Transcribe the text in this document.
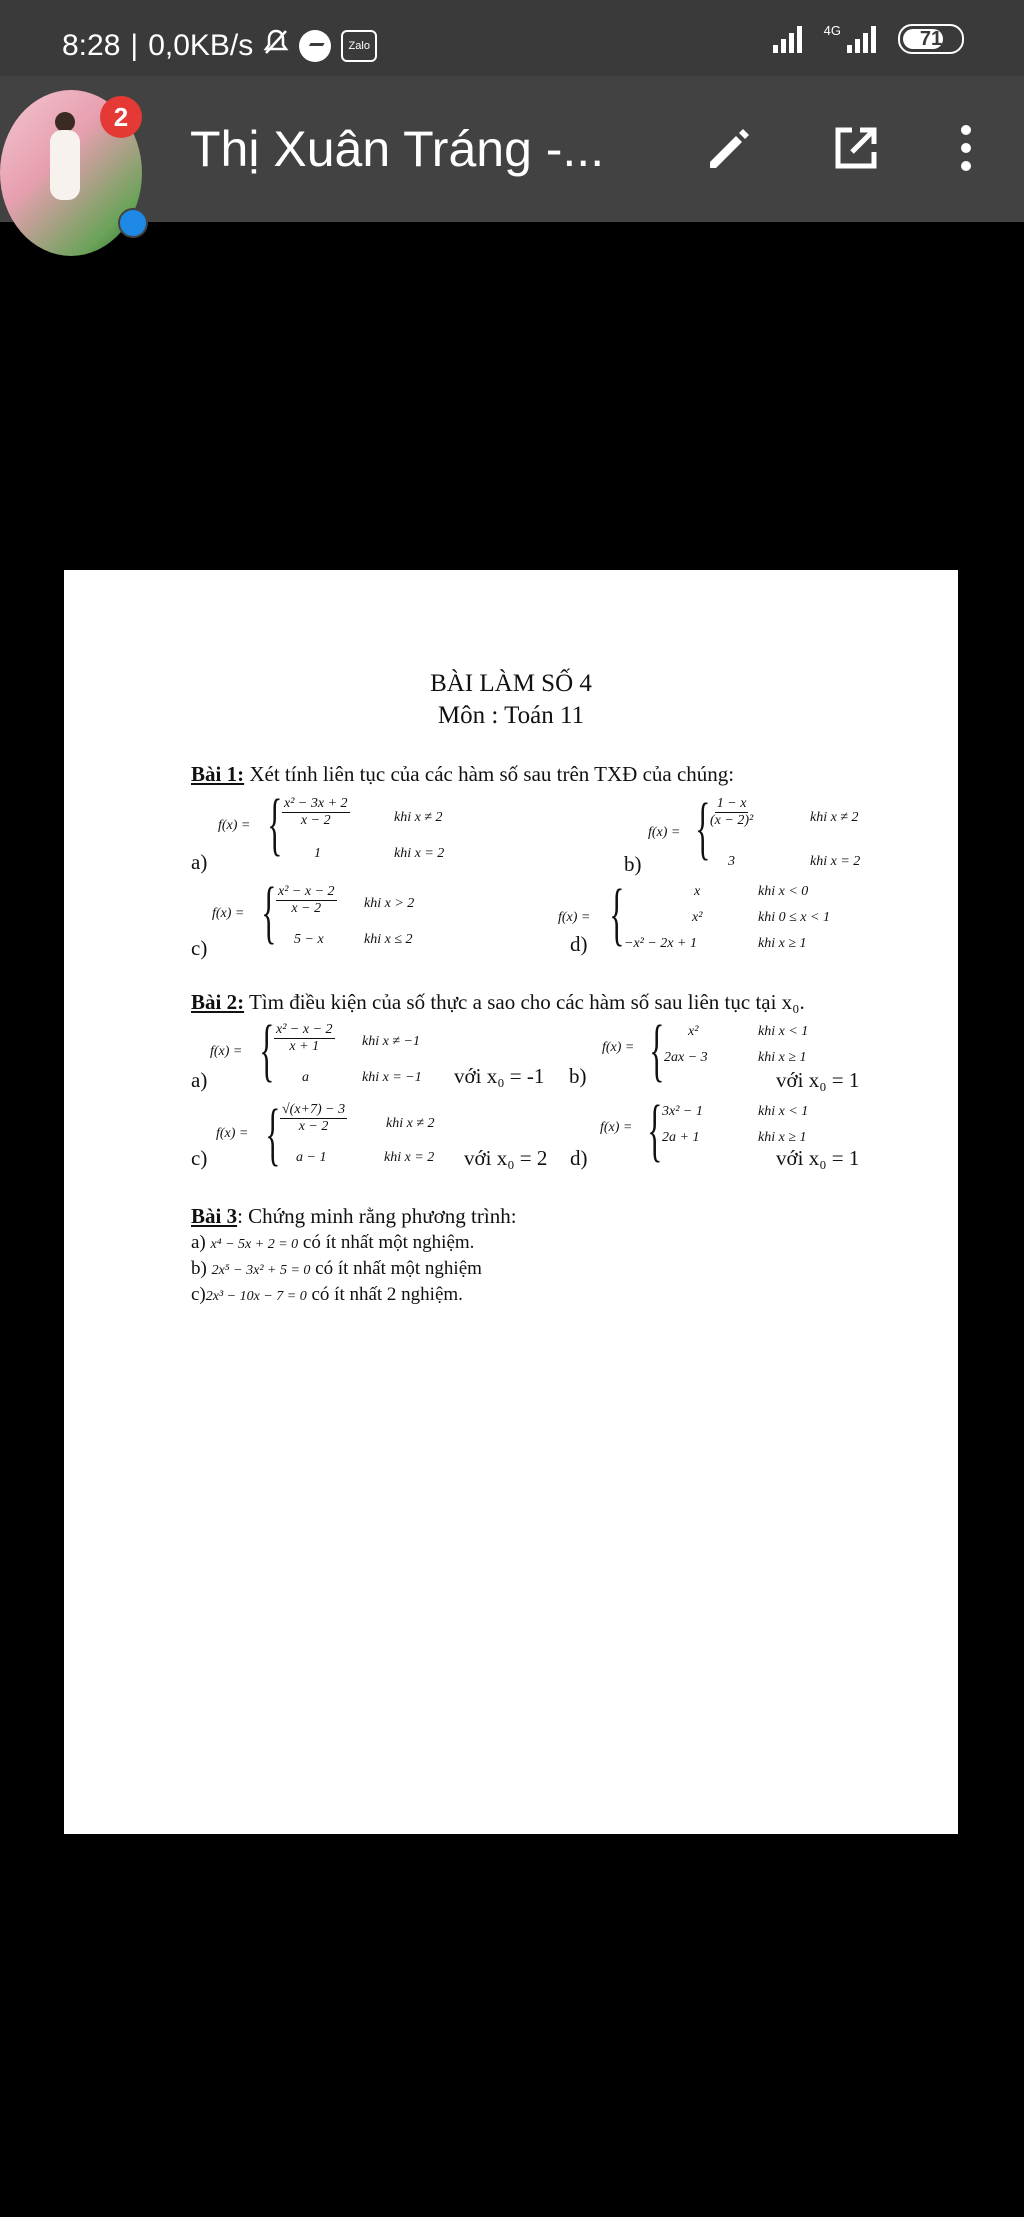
8:28 | 0,0KB/s	Zalo
4G	71
2
Thị Xuân Tráng -...
BÀI LÀM SỐ 4
Môn : Toán 11
Bài 1: Xét tính liên tục của các hàm số sau trên TXĐ của chúng:
a)
f(x) = { $\frac{\text{x² − 3x + 2}}{x - 2}$	khi x ≠ 2
1	khi x = 2	b)
f(x) = { $\frac{1 - x}{\text{(x − 2)²}}$	khi x ≠ 2
3	khi x = 2
c)
f(x) = { $\frac{\text{x² − x − 2}}{x - 2}$ khi x > 2
5 − x	khi x ≤ 2	d)
f(x) = {	x	khi x < 0
x²	khi 0 ≤ x < 1
−x² − 2x + 1	khi x ≥ 1
Bài 2: Tìm điều kiện của số thực a sao cho các hàm số sau liên tục tại x₀.
a)
f(x) = { $\frac{\text{x² − x − 2}}{x + 1}$ khi x ≠ −1
a	khi x = −1 với x₀ = -1 b)
f(x) = { x²	khi x < 1
2ax − 3	khi x ≥ 1
với x₀ = 1
c)
f(x) = { $\frac{√(x+7) - 3}{x - 2}$	khi x ≠ 2
a − 1	khi x = 2 với x₀ = 2 d)
f(x) = { 3x² − 1	khi x < 1
2a + 1	khi x ≥ 1
với x₀ = 1
Bài 3: Chứng minh rằng phương trình:
a) x⁴ − 5x + 2 = 0 có ít nhất một nghiệm.
b) 2x⁵ − 3x² + 5 = 0 có ít nhất một nghiệm
c)2x³ − 10x − 7 = 0 có ít nhất 2 nghiệm.
